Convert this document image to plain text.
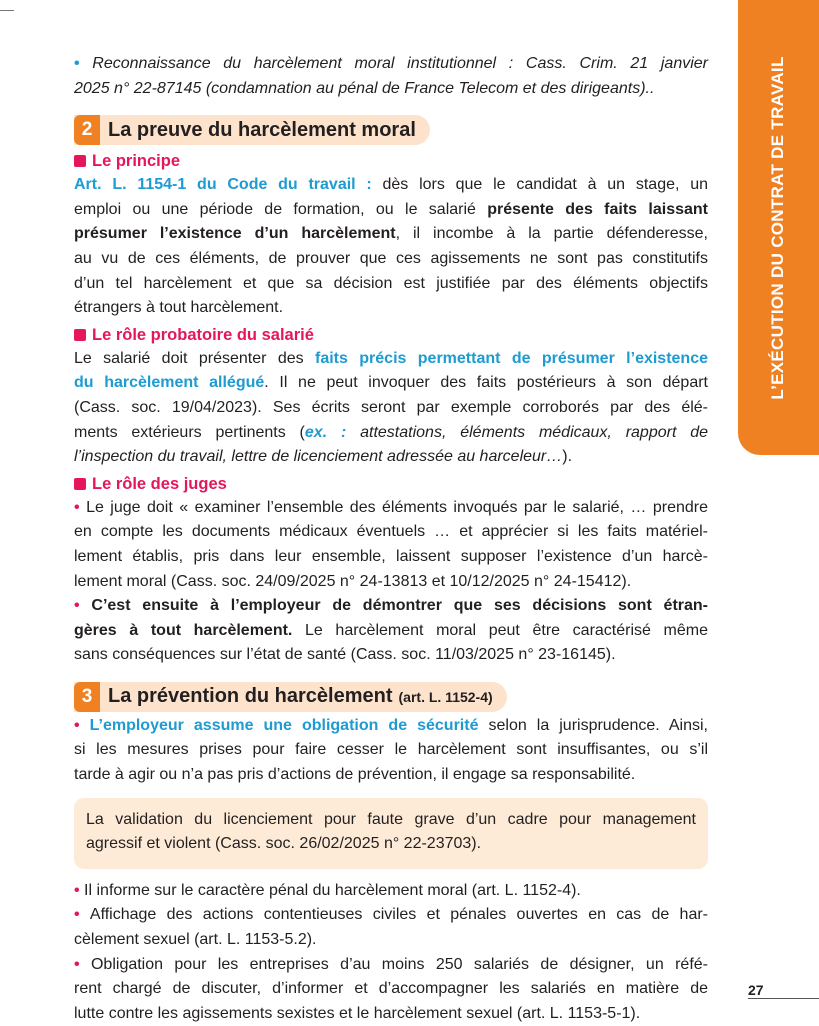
L’EXÉCUTION DU CONTRAT DE TRAVAIL
• Reconnaissance du harcèlement moral institutionnel : Cass. Crim. 21 janvier
2025 n° 22-87145 (condamnation au pénal de France Telecom et des dirigeants)..
2 La preuve du harcèlement moral
Le principe
Art. L. 1154-1 du Code du travail : dès lors que le candidat à un stage, un
emploi ou une période de formation, ou le salarié présente des faits laissant
présumer l’existence d’un harcèlement, il incombe à la partie défenderesse,
au vu de ces éléments, de prouver que ces agissements ne sont pas constitutifs
d’un tel harcèlement et que sa décision est justifiée par des éléments objectifs
étrangers à tout harcèlement.
Le rôle probatoire du salarié
Le salarié doit présenter des faits précis permettant de présumer l’existence
du harcèlement allégué. Il ne peut invoquer des faits postérieurs à son départ
(Cass. soc. 19/04/2023). Ses écrits seront par exemple corroborés par des élé-
ments extérieurs pertinents (ex. : attestations, éléments médicaux, rapport de
l’inspection du travail, lettre de licenciement adressée au harceleur…).
Le rôle des juges
• Le juge doit « examiner l’ensemble des éléments invoqués par le salarié, … prendre
en compte les documents médicaux éventuels … et apprécier si les faits matériel-
lement établis, pris dans leur ensemble, laissent supposer l’existence d’un harcè-
lement moral (Cass. soc. 24/09/2025 n° 24-13813 et 10/12/2025 n° 24-15412).
• C’est ensuite à l’employeur de démontrer que ses décisions sont étran-
gères à tout harcèlement. Le harcèlement moral peut être caractérisé même
sans conséquences sur l’état de santé (Cass. soc. 11/03/2025 n° 23-16145).
3 La prévention du harcèlement (art. L. 1152-4)
• L’employeur assume une obligation de sécurité selon la jurisprudence. Ainsi,
si les mesures prises pour faire cesser le harcèlement sont insuffisantes, ou s’il
tarde à agir ou n’a pas pris d’actions de prévention, il engage sa responsabilité.
La validation du licenciement pour faute grave d’un cadre pour management
agressif et violent (Cass. soc. 26/02/2025 n° 22-23703).
• Il informe sur le caractère pénal du harcèlement moral (art. L. 1152-4).
• Affichage des actions contentieuses civiles et pénales ouvertes en cas de har-
cèlement sexuel (art. L. 1153-5.2).
• Obligation pour les entreprises d’au moins 250 salariés de désigner, un réfé-
rent chargé de discuter, d’informer et d’accompagner les salariés en matière de
lutte contre les agissements sexistes et le harcèlement sexuel (art. L. 1153-5-1).
27
